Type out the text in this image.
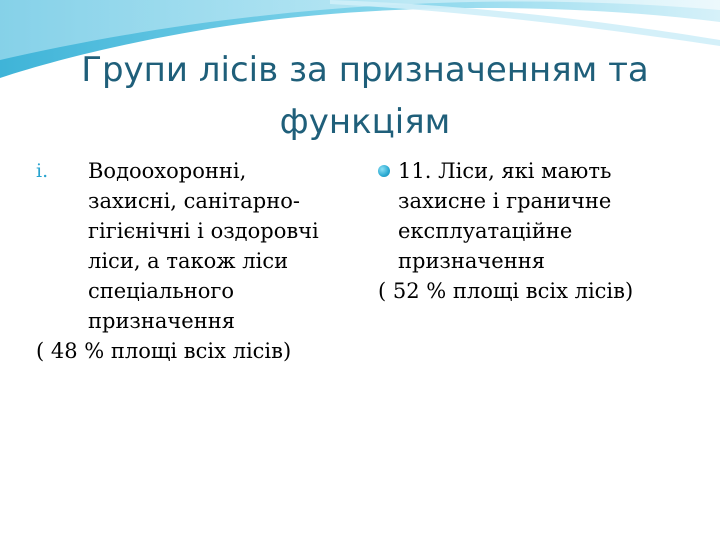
Групи лісів за призначенням та
функціям
i.	Водоохоронні,
захисні, санітарно-
гігієнічні і оздоровчі
ліси, а також ліси
спеціального
призначення
( 48 % площі всіх лісів)
11. Ліси, які мають
захисне і граничне
експлуатаційне
призначення
( 52 % площі всіх лісів)
